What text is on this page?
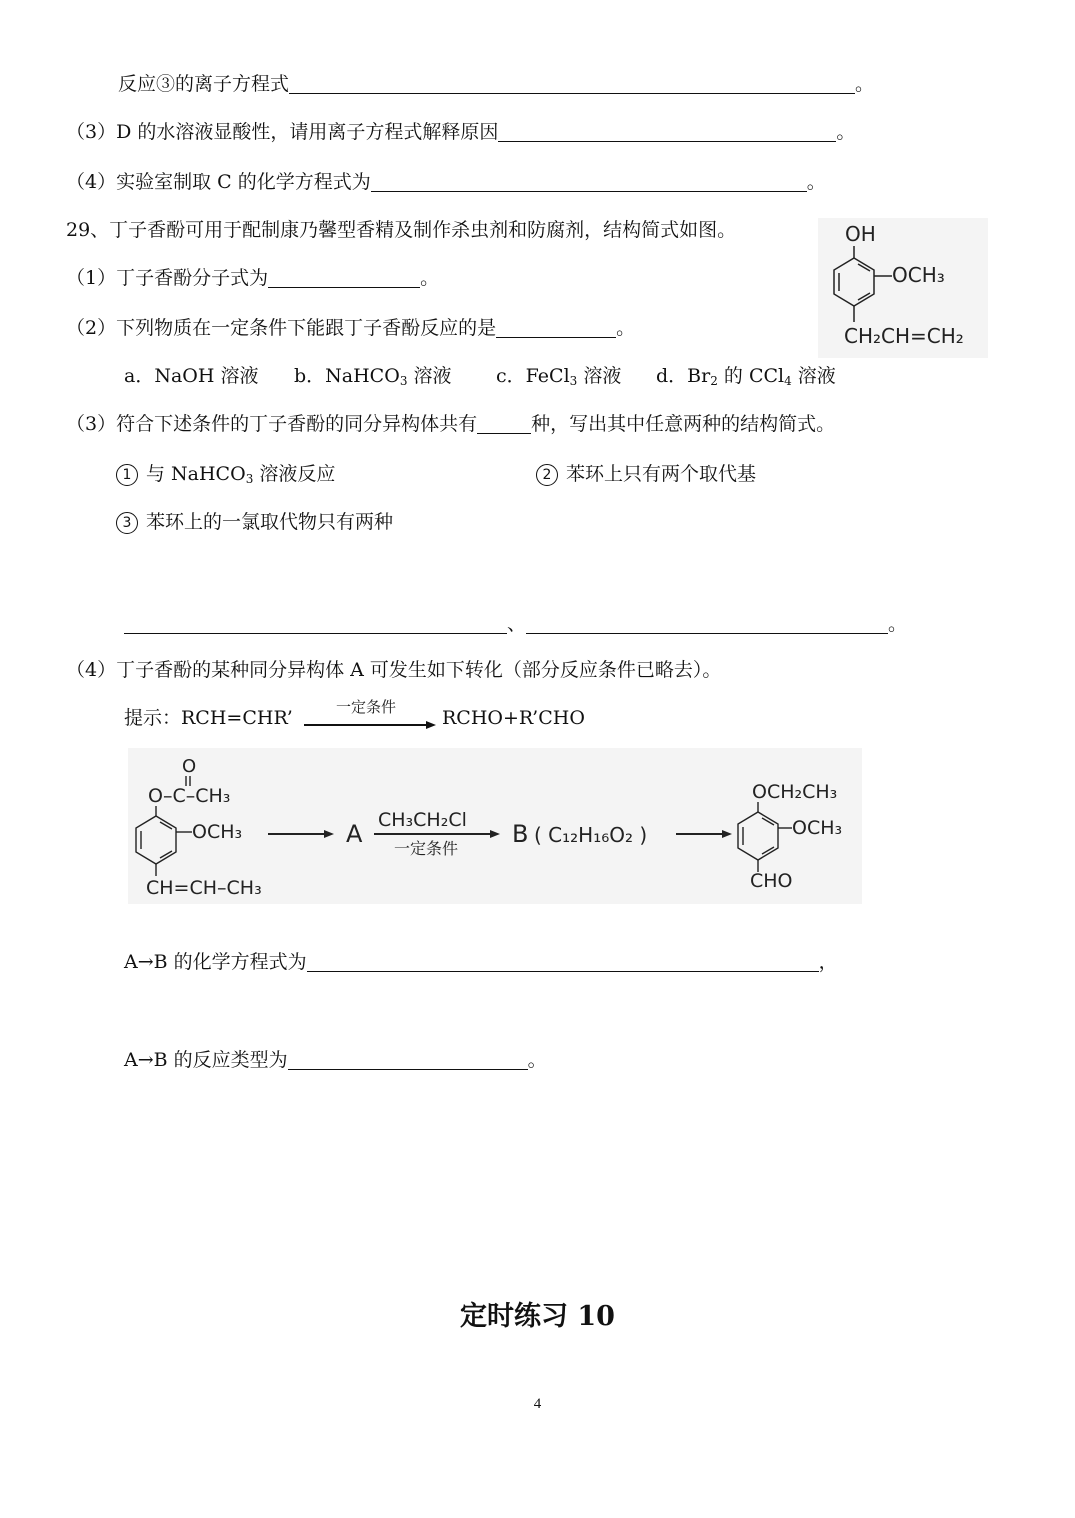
反应③的离子方程式	。
（3）D 的水溶液显酸性，请用离子方程式解释原因	。
（4）实验室制取 C 的化学方程式为	。
29、丁子香酚可用于配制康乃馨型香精及制作杀虫剂和防腐剂，结构简式如图。
（1）丁子香酚分子式为	。
（2）下列物质在一定条件下能跟丁子香酚反应的是	。
a．NaOH 溶液 b．NaHCO$_3$ 溶液 c．FeCl$_3$ 溶液 d．$Br_2$ 的 CCl$_4$ 溶液
（3）符合下述条件的丁子香酚的同分异构体共有	种，写出其中任意两种的结构简式。
1 与 NaHCO$_3$ 溶液反应	2 苯环上只有两个取代基
3 苯环上的一氯取代物只有两种
、	。
（4）丁子香酚的某种同分异构体 A 可发生如下转化（部分反应条件已略去）。
提示：RCH=CHR’	一定条件 RCHO+R’CHO
OH
OCH₃
CH₂CH=CH₂
O
O–C–CH₃
OCH₃
CH=CH–CH₃
A CH₃CH₂Cl
一定条件
B ( C₁₂H₁₆O₂ )
OCH₂CH₃
OCH₃
CHO
A→B 的化学方程式为	，
A→B 的反应类型为	。
定时练习 10
4
